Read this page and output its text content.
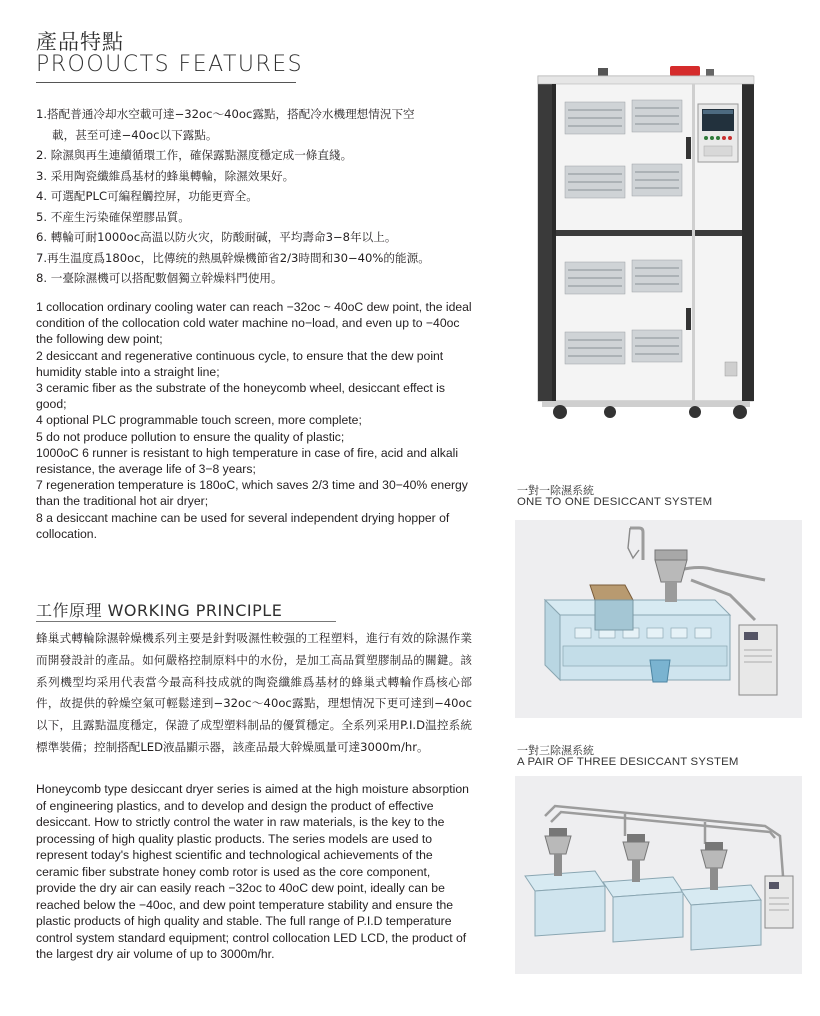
產品特點
PROOUCTS FEATURES
1.搭配普通冷却水空載可達−32oc～40oc露點，搭配冷水機理想情況下空
載，甚至可達−40oc以下露點。
2. 除濕與再生連續循環工作，確保露點濕度穩定成一條直綫。
3. 采用陶瓷纖維爲基材的蜂巢轉輪，除濕效果好。
4. 可選配PLC可編程觸控屏，功能更齊全。
5. 不産生污染確保塑膠品質。
6. 轉輪可耐1000oc高温以防火灾，防酸耐碱，平均壽命3−8年以上。
7.再生温度爲180oc，比傳统的熱風幹燥機節省2/3時間和30−40%的能源。
8. 一臺除濕機可以搭配數個獨立幹燥料門使用。
1 collocation ordinary cooling water can reach −32oc ~ 40oC dew point, the ideal condition of the collocation cold water machine no−load, and even up to −40oc the following dew point;
2 desiccant and regenerative continuous cycle, to ensure that the dew point humidity stable into a straight line;
3 ceramic fiber as the substrate of the honeycomb wheel, desiccant effect is good;
4 optional PLC programmable touch screen, more complete;
5 do not produce pollution to ensure the quality of plastic;
1000oC 6 runner is resistant to high temperature in case of fire, acid and alkali resistance, the average life of 3−8 years;
7 regeneration temperature is 180oC, which saves 2/3 time and 30−40% energy than the traditional hot air dryer;
8 a desiccant machine can be used for several independent drying hopper of collocation.
工作原理 WORKING PRINCIPLE
蜂巢式轉輪除濕幹燥機系列主要是針對吸濕性較强的工程塑料，進行有效的除濕作業而開發設計的產品。如何嚴格控制原料中的水份，是加工高品質塑膠制品的關鍵。該系列機型均采用代表當今最高科技成就的陶瓷纖維爲基材的蜂巢式轉輪作爲核心部件，故提供的幹燥空氣可輕鬆達到−32oc～40oc露點，理想情况下更可達到−40oc以下，且露點温度穩定，保證了成型塑料制品的優質穩定。全系列采用P.I.D温控系統標準裝備；控制搭配LED液晶顯示器，該產品最大幹燥風量可達3000m/hr。
Honeycomb type desiccant dryer series is aimed at the high moisture absorption of engineering plastics, and to develop and design the product of effective desiccant. How to strictly control the water in raw materials, is the key to the processing of high quality plastic products. The series models are used to represent today's highest scientific and technological achievements of the ceramic fiber substrate honey comb rotor is used as the core component, provide the dry air can easily reach −32oc to 40oC dew point, ideally can be reached below the −40oc, and dew point temperature stability and ensure the plastic products of high quality and stable. The full range of P.I.D temperature control system standard equipment; control collocation LED LCD, the product of the largest dry air volume of up to 3000m/hr.
一對一除濕系統
ONE TO ONE DESICCANT SYSTEM
一對三除濕系統
A PAIR OF THREE DESICCANT SYSTEM
